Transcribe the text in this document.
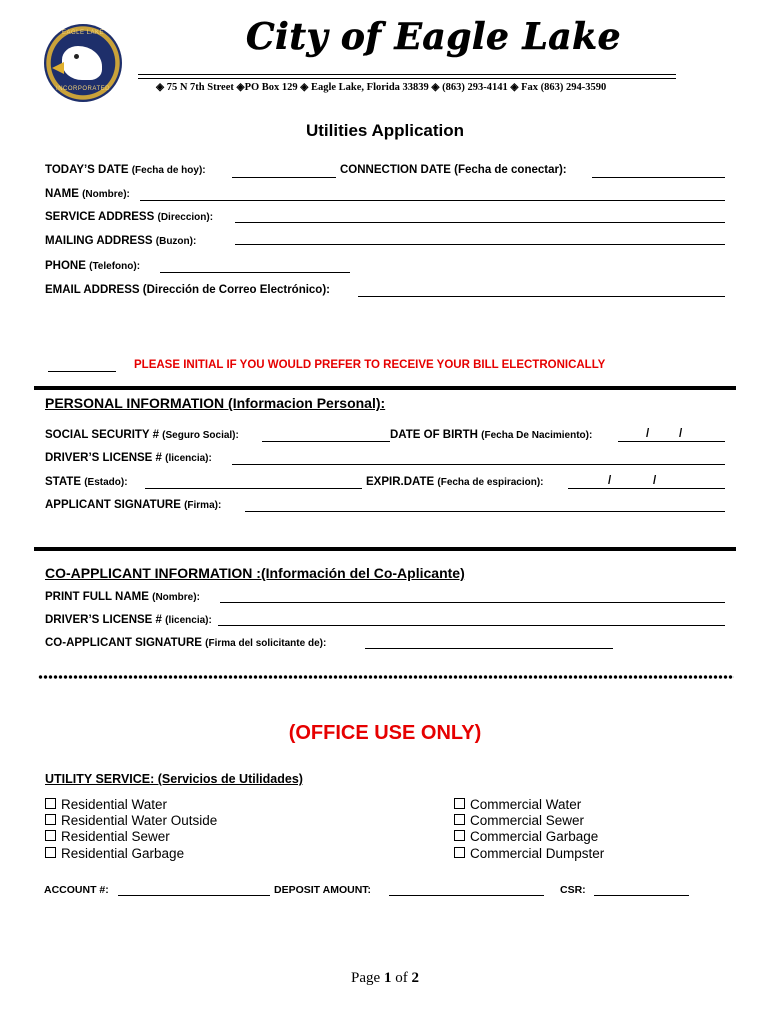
EAGLE LAKE
INCORPORATED
City of Eagle Lake
◈ 75 N 7th Street ◈PO Box 129 ◈ Eagle Lake, Florida 33839 ◈ (863) 293-4141 ◈ Fax (863) 294-3590
Utilities Application
TODAY’S DATE (Fecha de hoy):	CONNECTION DATE (Fecha de conectar):
NAME (Nombre):
SERVICE ADDRESS (Direccion):
MAILING ADDRESS (Buzon):
PHONE (Telefono):
EMAIL ADDRESS (Dirección de Correo Electrónico):
PLEASE INITIAL IF YOU WOULD PREFER TO RECEIVE YOUR BILL ELECTRONICALLY
PERSONAL INFORMATION (Informacion Personal):
SOCIAL SECURITY # (Seguro Social):	DATE OF BIRTH (Fecha De Nacimiento):	/	/
DRIVER’S LICENSE # (licencia):
STATE (Estado):	EXPIR.DATE (Fecha de espiracion):	/	/
APPLICANT SIGNATURE (Firma):
CO-APPLICANT INFORMATION :(Información del Co-Aplicante)
PRINT FULL NAME (Nombre):
DRIVER’S LICENSE # (licencia):
CO-APPLICANT SIGNATURE (Firma del solicitante de):
(OFFICE USE ONLY)
UTILITY SERVICE: (Servicios de Utilidades)
Residential Water
Residential Water Outside
Residential Sewer
Residential Garbage
Commercial Water
Commercial Sewer
Commercial Garbage
Commercial Dumpster
ACCOUNT #:	DEPOSIT AMOUNT:	CSR:
Page 1 of 2
